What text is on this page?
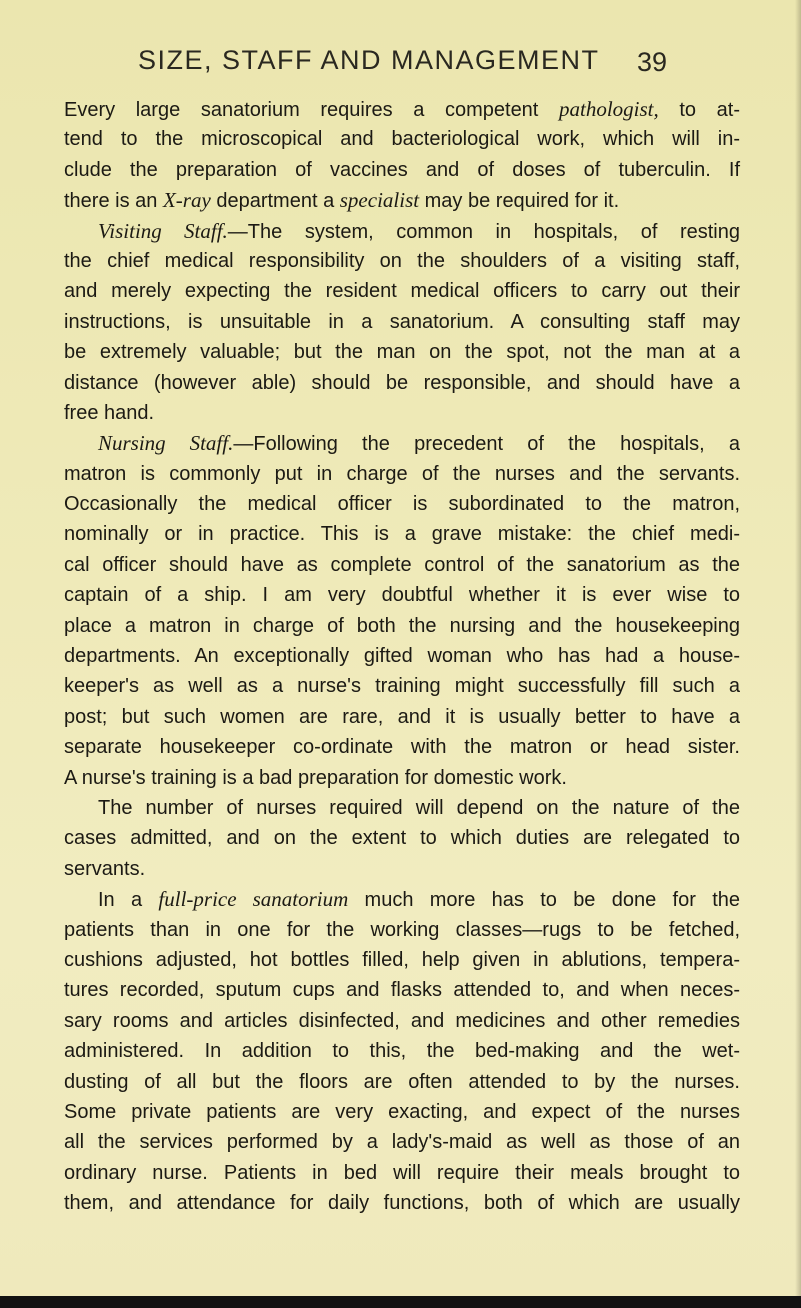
SIZE, STAFF AND MANAGEMENT 39
Every large sanatorium requires a competent pathologist, to at-
tend to the microscopical and bacteriological work, which will in-
clude the preparation of vaccines and of doses of tuberculin. If
there is an X-ray department a specialist may be required for it.
Visiting Staff.—The system, common in hospitals, of resting
the chief medical responsibility on the shoulders of a visiting staff,
and merely expecting the resident medical officers to carry out their
instructions, is unsuitable in a sanatorium. A consulting staff may
be extremely valuable; but the man on the spot, not the man at a
distance (however able) should be responsible, and should have a
free hand.
Nursing Staff.—Following the precedent of the hospitals, a
matron is commonly put in charge of the nurses and the servants.
Occasionally the medical officer is subordinated to the matron,
nominally or in practice. This is a grave mistake: the chief medi-
cal officer should have as complete control of the sanatorium as the
captain of a ship. I am very doubtful whether it is ever wise to
place a matron in charge of both the nursing and the housekeeping
departments. An exceptionally gifted woman who has had a house-
keeper's as well as a nurse's training might successfully fill such a
post; but such women are rare, and it is usually better to have a
separate housekeeper co-ordinate with the matron or head sister.
A nurse's training is a bad preparation for domestic work.
The number of nurses required will depend on the nature of the
cases admitted, and on the extent to which duties are relegated to
servants.
In a full-price sanatorium much more has to be done for the
patients than in one for the working classes—rugs to be fetched,
cushions adjusted, hot bottles filled, help given in ablutions, tempera-
tures recorded, sputum cups and flasks attended to, and when neces-
sary rooms and articles disinfected, and medicines and other remedies
administered. In addition to this, the bed-making and the wet-
dusting of all but the floors are often attended to by the nurses.
Some private patients are very exacting, and expect of the nurses
all the services performed by a lady's-maid as well as those of an
ordinary nurse. Patients in bed will require their meals brought to
them, and attendance for daily functions, both of which are usually
